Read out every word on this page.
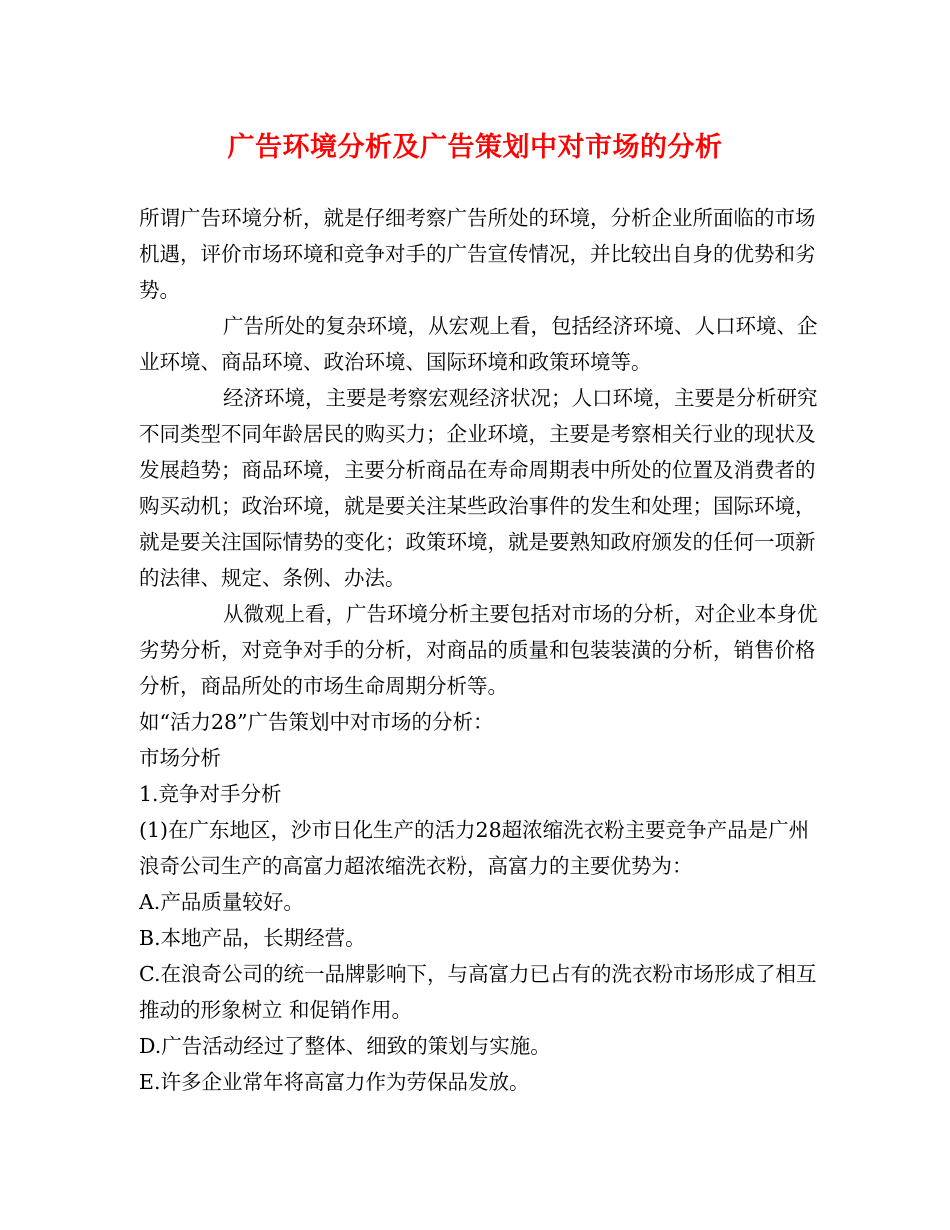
广告环境分析及广告策划中对市场的分析

所谓广告环境分析，就是仔细考察广告所处的环境，分析企业所面临的市场机遇，评价市场环境和竞争对手的广告宣传情况，并比较出自身的优势和劣势。

广告所处的复杂环境，从宏观上看，包括经济环境、人口环境、企业环境、商品环境、政治环境、国际环境和政策环境等。

经济环境，主要是考察宏观经济状况；人口环境，主要是分析研究不同类型不同年龄居民的购买力；企业环境，主要是考察相关行业的现状及发展趋势；商品环境，主要分析商品在寿命周期表中所处的位置及消费者的购买动机；政治环境，就是要关注某些政治事件的发生和处理；国际环境，就是要关注国际情势的变化；政策环境，就是要熟知政府颁发的任何一项新的法律、规定、条例、办法。

从微观上看，广告环境分析主要包括对市场的分析，对企业本身优劣势分析，对竞争对手的分析，对商品的质量和包装装潢的分析，销售价格分析，商品所处的市场生命周期分析等。

如“活力28”广告策划中对市场的分析：

市场分析

1.竞争对手分析

(1)在广东地区，沙市日化生产的活力28超浓缩洗衣粉主要竞争产品是广州浪奇公司生产的高富力超浓缩洗衣粉，高富力的主要优势为：

A.产品质量较好。

B.本地产品，长期经营。

C.在浪奇公司的统一品牌影响下，与高富力已占有的洗衣粉市场形成了相互推动的形象树立 和促销作用。

D.广告活动经过了整体、细致的策划与实施。

E.许多企业常年将高富力作为劳保品发放。
